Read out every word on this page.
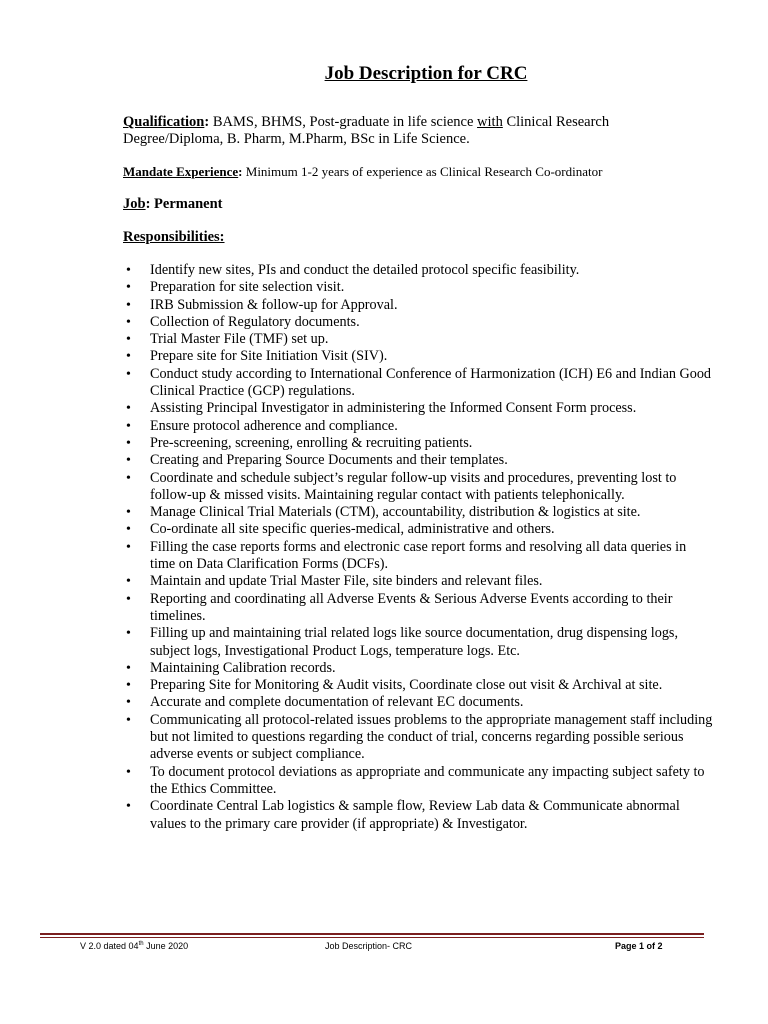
Job Description for CRC
Qualification: BAMS, BHMS, Post-graduate in life science with Clinical Research
Degree/Diploma, B. Pharm, M.Pharm, BSc in Life Science.
Mandate Experience: Minimum 1-2 years of experience as Clinical Research Co-ordinator
Job: Permanent
Responsibilities:
• Identify new sites, PIs and conduct the detailed protocol specific feasibility.
• Preparation for site selection visit.
• IRB Submission & follow-up for Approval.
• Collection of Regulatory documents.
• Trial Master File (TMF) set up.
• Prepare site for Site Initiation Visit (SIV).
• Conduct study according to International Conference of Harmonization (ICH) E6 and Indian Good Clinical Practice (GCP) regulations.
• Assisting Principal Investigator in administering the Informed Consent Form process.
• Ensure protocol adherence and compliance.
• Pre-screening, screening, enrolling & recruiting patients.
• Creating and Preparing Source Documents and their templates.
• Coordinate and schedule subject’s regular follow-up visits and procedures, preventing lost to follow-up & missed visits. Maintaining regular contact with patients telephonically.
• Manage Clinical Trial Materials (CTM), accountability, distribution & logistics at site.
• Co-ordinate all site specific queries-medical, administrative and others.
• Filling the case reports forms and electronic case report forms and resolving all data queries in time on Data Clarification Forms (DCFs).
• Maintain and update Trial Master File, site binders and relevant files.
• Reporting and coordinating all Adverse Events & Serious Adverse Events according to their timelines.
• Filling up and maintaining trial related logs like source documentation, drug dispensing logs, subject logs, Investigational Product Logs, temperature logs. Etc.
• Maintaining Calibration records.
• Preparing Site for Monitoring & Audit visits, Coordinate close out visit & Archival at site.
• Accurate and complete documentation of relevant EC documents.
• Communicating all protocol-related issues problems to the appropriate management staff including but not limited to questions regarding the conduct of trial, concerns regarding possible serious adverse events or subject compliance.
• To document protocol deviations as appropriate and communicate any impacting subject safety to the Ethics Committee.
• Coordinate Central Lab logistics & sample flow, Review Lab data & Communicate abnormal values to the primary care provider (if appropriate) & Investigator.
V 2.0 dated 04th June 2020	Job Description- CRC	Page 1 of 2
